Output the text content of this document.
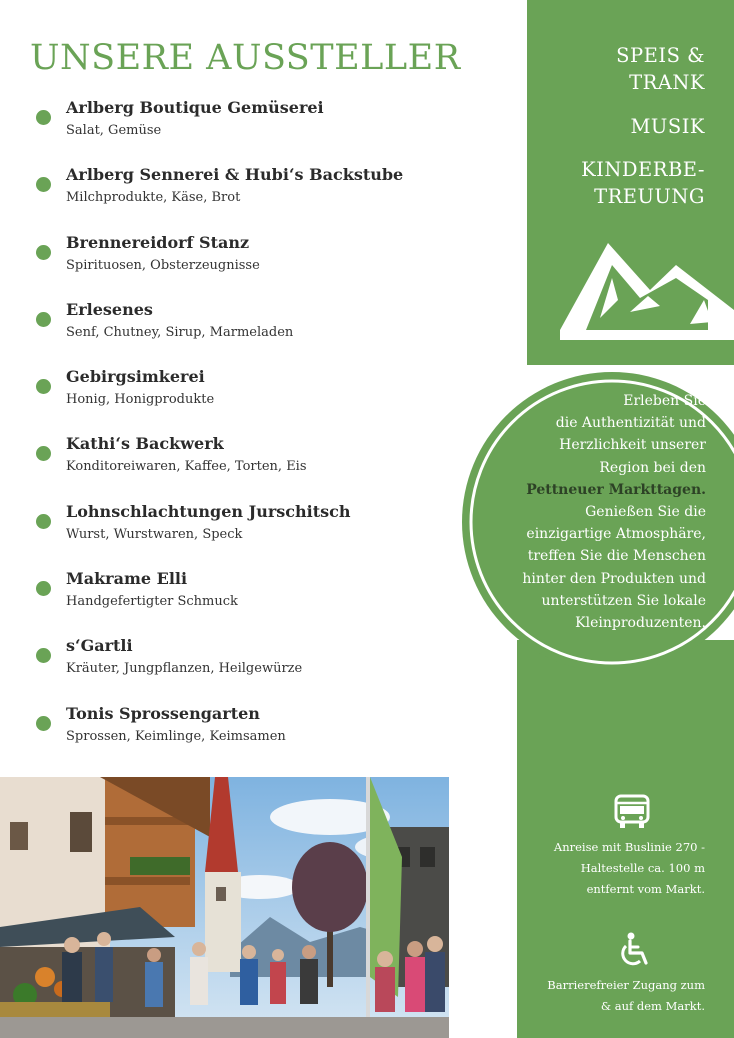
UNSERE AUSSTELLER
Arlberg Boutique Gemüserei
Salat, Gemüse
Arlberg Sennerei & Hubi‘s Backstube
Milchprodukte, Käse, Brot
Brennereidorf Stanz
Spirituosen, Obsterzeugnisse
Erlesenes
Senf, Chutney, Sirup, Marmeladen
Gebirgsimkerei
Honig, Honigprodukte
Kathi‘s Backwerk
Konditoreiwaren, Kaffee, Torten, Eis
Lohnschlachtungen Jurschitsch
Wurst, Wurstwaren, Speck
Makrame Elli
Handgefertigter Schmuck
s‘Gartli
Kräuter, Jungpflanzen, Heilgewürze
Tonis Sprossengarten
Sprossen, Keimlinge, Keimsamen
SPEIS &
TRANK
MUSIK
KINDERBE-
TREUUNG
Erleben Sie
die Authentizität und
Herzlichkeit unserer
Region bei den
Pettneuer Markttagen.
Genießen Sie die
einzigartige Atmosphäre,
treffen Sie die Menschen
hinter den Produkten und
unterstützen Sie lokale
Kleinproduzenten.
Anreise mit Buslinie 270 -
Haltestelle ca. 100 m
entfernt vom Markt.
Barrierefreier Zugang zum
& auf dem Markt.
